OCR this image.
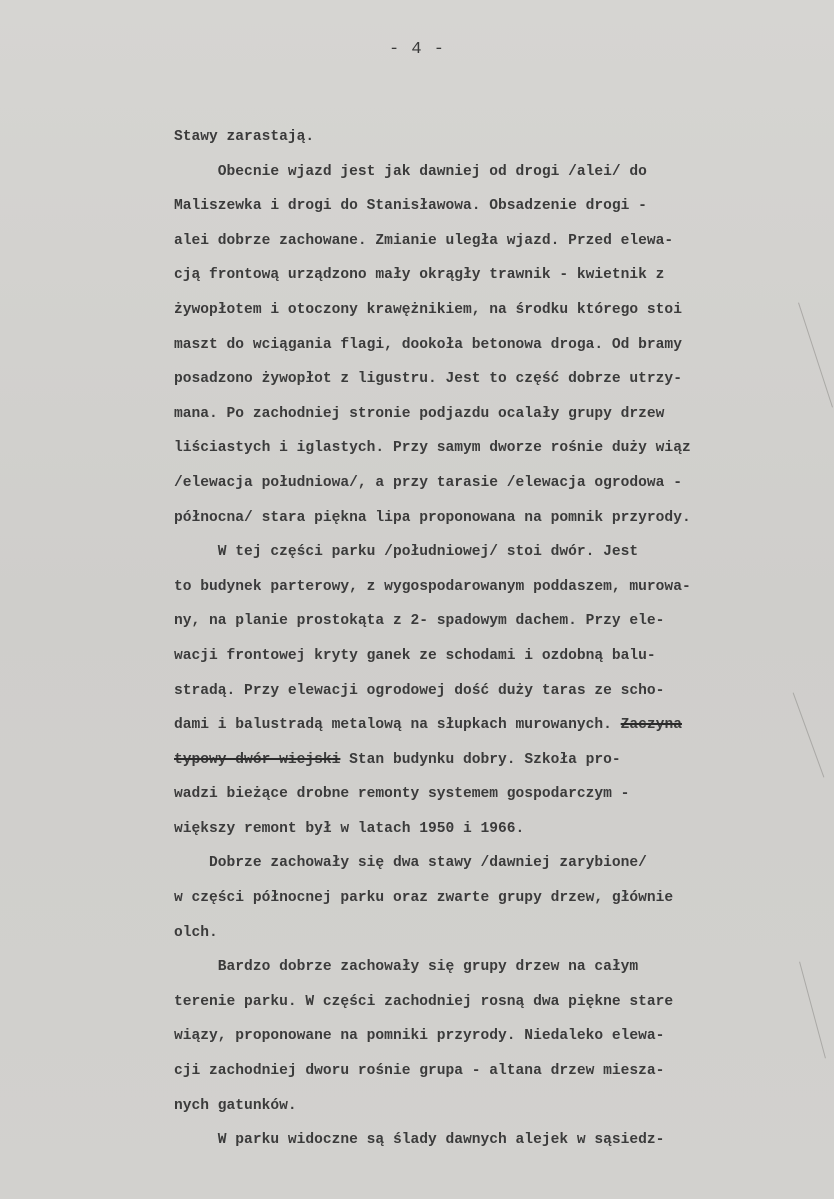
- 4 -
Stawy zarastają.
Obecnie wjazd jest jak dawniej od drogi /alei/ do
Maliszewka i drogi do Stanisławowa. Obsadzenie drogi -
alei dobrze zachowane. Zmianie uległa wjazd. Przed elewa-
cją frontową urządzono mały okrągły trawnik - kwietnik z
żywopłotem i otoczony krawężnikiem, na środku którego stoi
maszt do wciągania flagi, dookoła betonowa droga. Od bramy
posadzono żywopłot z ligustru. Jest to część dobrze utrzy-
mana. Po zachodniej stronie podjazdu ocalały grupy drzew
liściastych i iglastych. Przy samym dworze rośnie duży wiąz
/elewacja południowa/, a przy tarasie /elewacja ogrodowa -
północna/ stara piękna lipa proponowana na pomnik przyrody.
W tej części parku /południowej/ stoi dwór. Jest
to budynek parterowy, z wygospodarowanym poddaszem, murowa-
ny, na planie prostokąta z 2- spadowym dachem. Przy ele-
wacji frontowej kryty ganek ze schodami i ozdobną balu-
stradą. Przy elewacji ogrodowej dość duży taras ze scho-
dami i balustradą metalową na słupkach murowanych. Zaczyna
typowy dwór wiejski Stan budynku dobry. Szkoła pro-
wadzi bieżące drobne remonty systemem gospodarczym -
większy remont był w latach 1950 i 1966.
Dobrze zachowały się dwa stawy /dawniej zarybione/
w części północnej parku oraz zwarte grupy drzew, głównie
olch.
Bardzo dobrze zachowały się grupy drzew na całym
terenie parku. W części zachodniej rosną dwa piękne stare
wiązy, proponowane na pomniki przyrody. Niedaleko elewa-
cji zachodniej dworu rośnie grupa - altana drzew miesza-
nych gatunków.
W parku widoczne są ślady dawnych alejek w sąsiedz-
